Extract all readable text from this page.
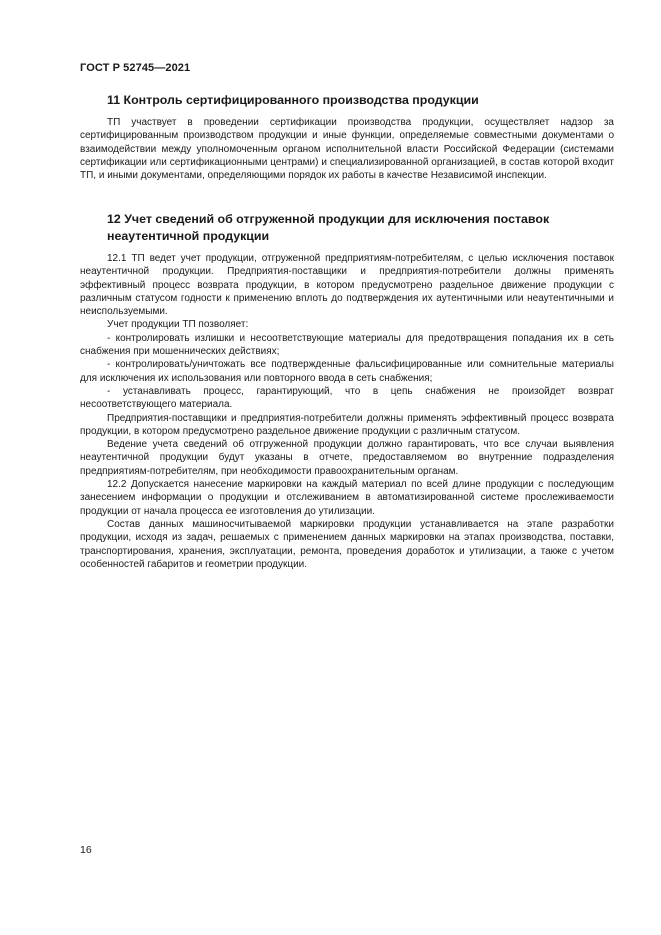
ГОСТ Р 52745—2021
11 Контроль сертифицированного производства продукции

ТП участвует в проведении сертификации производства продукции, осуществляет надзор за сертифицированным производством продукции и иные функции, определяемые совместными документами о взаимодействии между уполномоченным органом исполнительной власти Российской Федерации (системами сертификации или сертификационными центрами) и специализированной организацией, в состав которой входит ТП, и иными документами, определяющими порядок их работы в качестве Независимой инспекции.

12 Учет сведений об отгруженной продукции для исключения поставок неаутентичной продукции

12.1 ТП ведет учет продукции, отгруженной предприятиям-потребителям, с целью исключения поставок неаутентичной продукции. Предприятия-поставщики и предприятия-потребители должны применять эффективный процесс возврата продукции, в котором предусмотрено раздельное движение продукции с различным статусом годности к применению вплоть до подтверждения их аутентичными или неаутентичными и неиспользуемыми.

Учет продукции ТП позволяет:

- контролировать излишки и несоответствующие материалы для предотвращения попадания их в сеть снабжения при мошеннических действиях;

- контролировать/уничтожать все подтвержденные фальсифицированные или сомнительные материалы для исключения их использования или повторного ввода в сеть снабжения;

- устанавливать процесс, гарантирующий, что в цепь снабжения не произойдет возврат несоответствующего материала.

Предприятия-поставщики и предприятия-потребители должны применять эффективный процесс возврата продукции, в котором предусмотрено раздельное движение продукции с различным статусом.

Ведение учета сведений об отгруженной продукции должно гарантировать, что все случаи выявления неаутентичной продукции будут указаны в отчете, предоставляемом во внутренние подразделения предприятиям-потребителям, при необходимости правоохранительным органам.

12.2 Допускается нанесение маркировки на каждый материал по всей длине продукции с последующим занесением информации о продукции и отслеживанием в автоматизированной системе прослеживаемости продукции от начала процесса ее изготовления до утилизации.

Состав данных машиносчитываемой маркировки продукции устанавливается на этапе разработки продукции, исходя из задач, решаемых с применением данных маркировки на этапах производства, поставки, транспортирования, хранения, эксплуатации, ремонта, проведения доработок и утилизации, а также с учетом особенностей габаритов и геометрии продукции.

16
